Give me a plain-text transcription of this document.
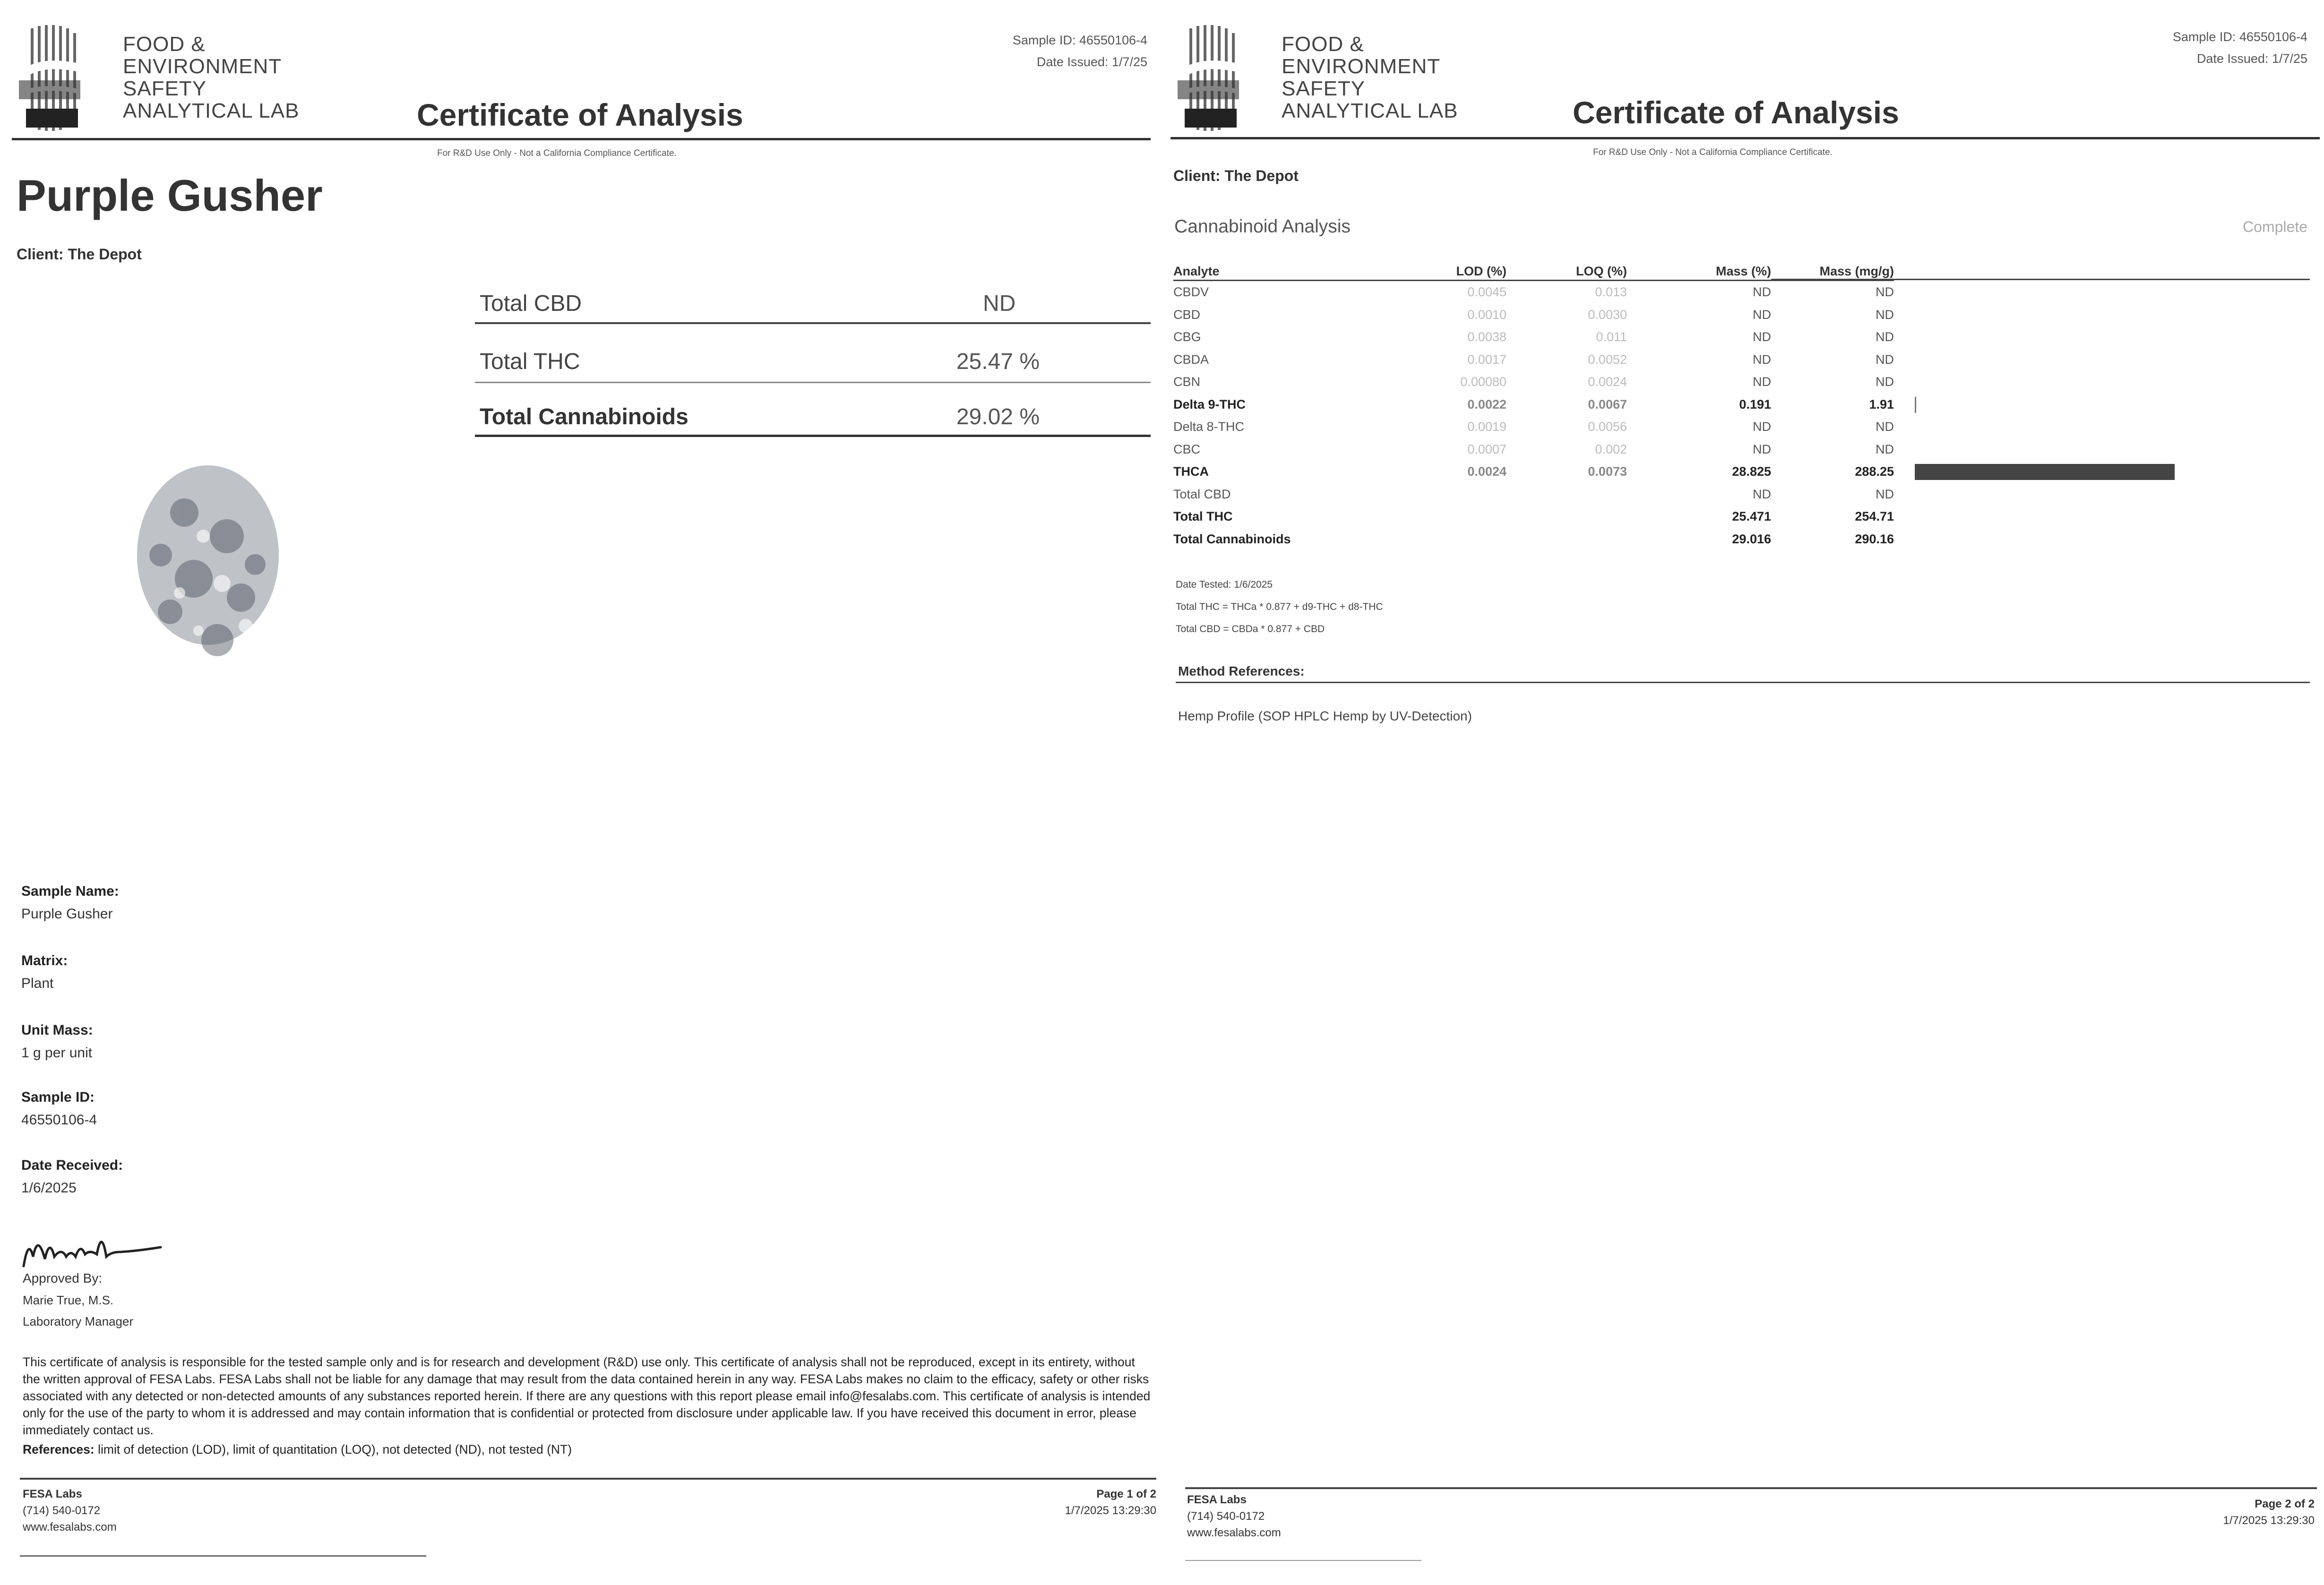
FOOD &
ENVIRONMENT
SAFETY
ANALYTICAL LAB	Certificate of Analysis
Sample ID: 46550106-4
Date Issued: 1/7/25
For R&D Use Only - Not a California Compliance Certificate.
Purple Gusher
Client: The Depot
Total CBD	ND
Total THC	25.47 %
Total Cannabinoids	29.02 %
Sample Name:
Purple Gusher
Matrix:
Plant
Unit Mass:
1 g per unit
Sample ID:
46550106-4
Date Received:
1/6/2025
Approved By:
Marie True, M.S.
Laboratory Manager
This certificate of analysis is responsible for the tested sample only and is for research and development (R&D) use only. This certificate of analysis shall not be reproduced, except in its entirety, without the written approval of FESA Labs. FESA Labs shall not be liable for any damage that may result from the data contained herein in any way. FESA Labs makes no claim to the efficacy, safety or other risks associated with any detected or non-detected amounts of any substances reported herein. If there are any questions with this report please email info@fesalabs.com. This certificate of analysis is intended only for the use of the party to whom it is addressed and may contain information that is confidential or protected from disclosure under applicable law. If you have received this document in error, please immediately contact us.
References: limit of detection (LOD), limit of quantitation (LOQ), not detected (ND), not tested (NT)
FESA Labs
(714) 540-0172
www.fesalabs.com
Page 1 of 2
1/7/2025 13:29:30
FOOD &
ENVIRONMENT
SAFETY
ANALYTICAL LAB	Certificate of Analysis
Sample ID: 46550106-4
Date Issued: 1/7/25
For R&D Use Only - Not a California Compliance Certificate.
Client: The Depot
Cannabinoid Analysis	Complete
Analyte	LOD (%)	LOQ (%)	Mass (%)	Mass (mg/g)
CBDV	0.0045	0.013	ND	ND
CBD	0.0010	0.0030	ND	ND
CBG	0.0038	0.011	ND	ND
CBDA	0.0017	0.0052	ND	ND
CBN	0.00080	0.0024	ND	ND
Delta 9-THC	0.0022	0.0067	0.191	1.91
Delta 8-THC	0.0019	0.0056	ND	ND
CBC	0.0007	0.002	ND	ND
THCA	0.0024	0.0073	28.825	288.25
Total CBD			ND	ND
Total THC			25.471	254.71
Total Cannabinoids			29.016	290.16
Date Tested: 1/6/2025
Total THC = THCa * 0.877 + d9-THC + d8-THC
Total CBD = CBDa * 0.877 + CBD
Method References:
Hemp Profile (SOP HPLC Hemp by UV-Detection)
FESA Labs
(714) 540-0172
www.fesalabs.com
Page 2 of 2
1/7/2025 13:29:30
